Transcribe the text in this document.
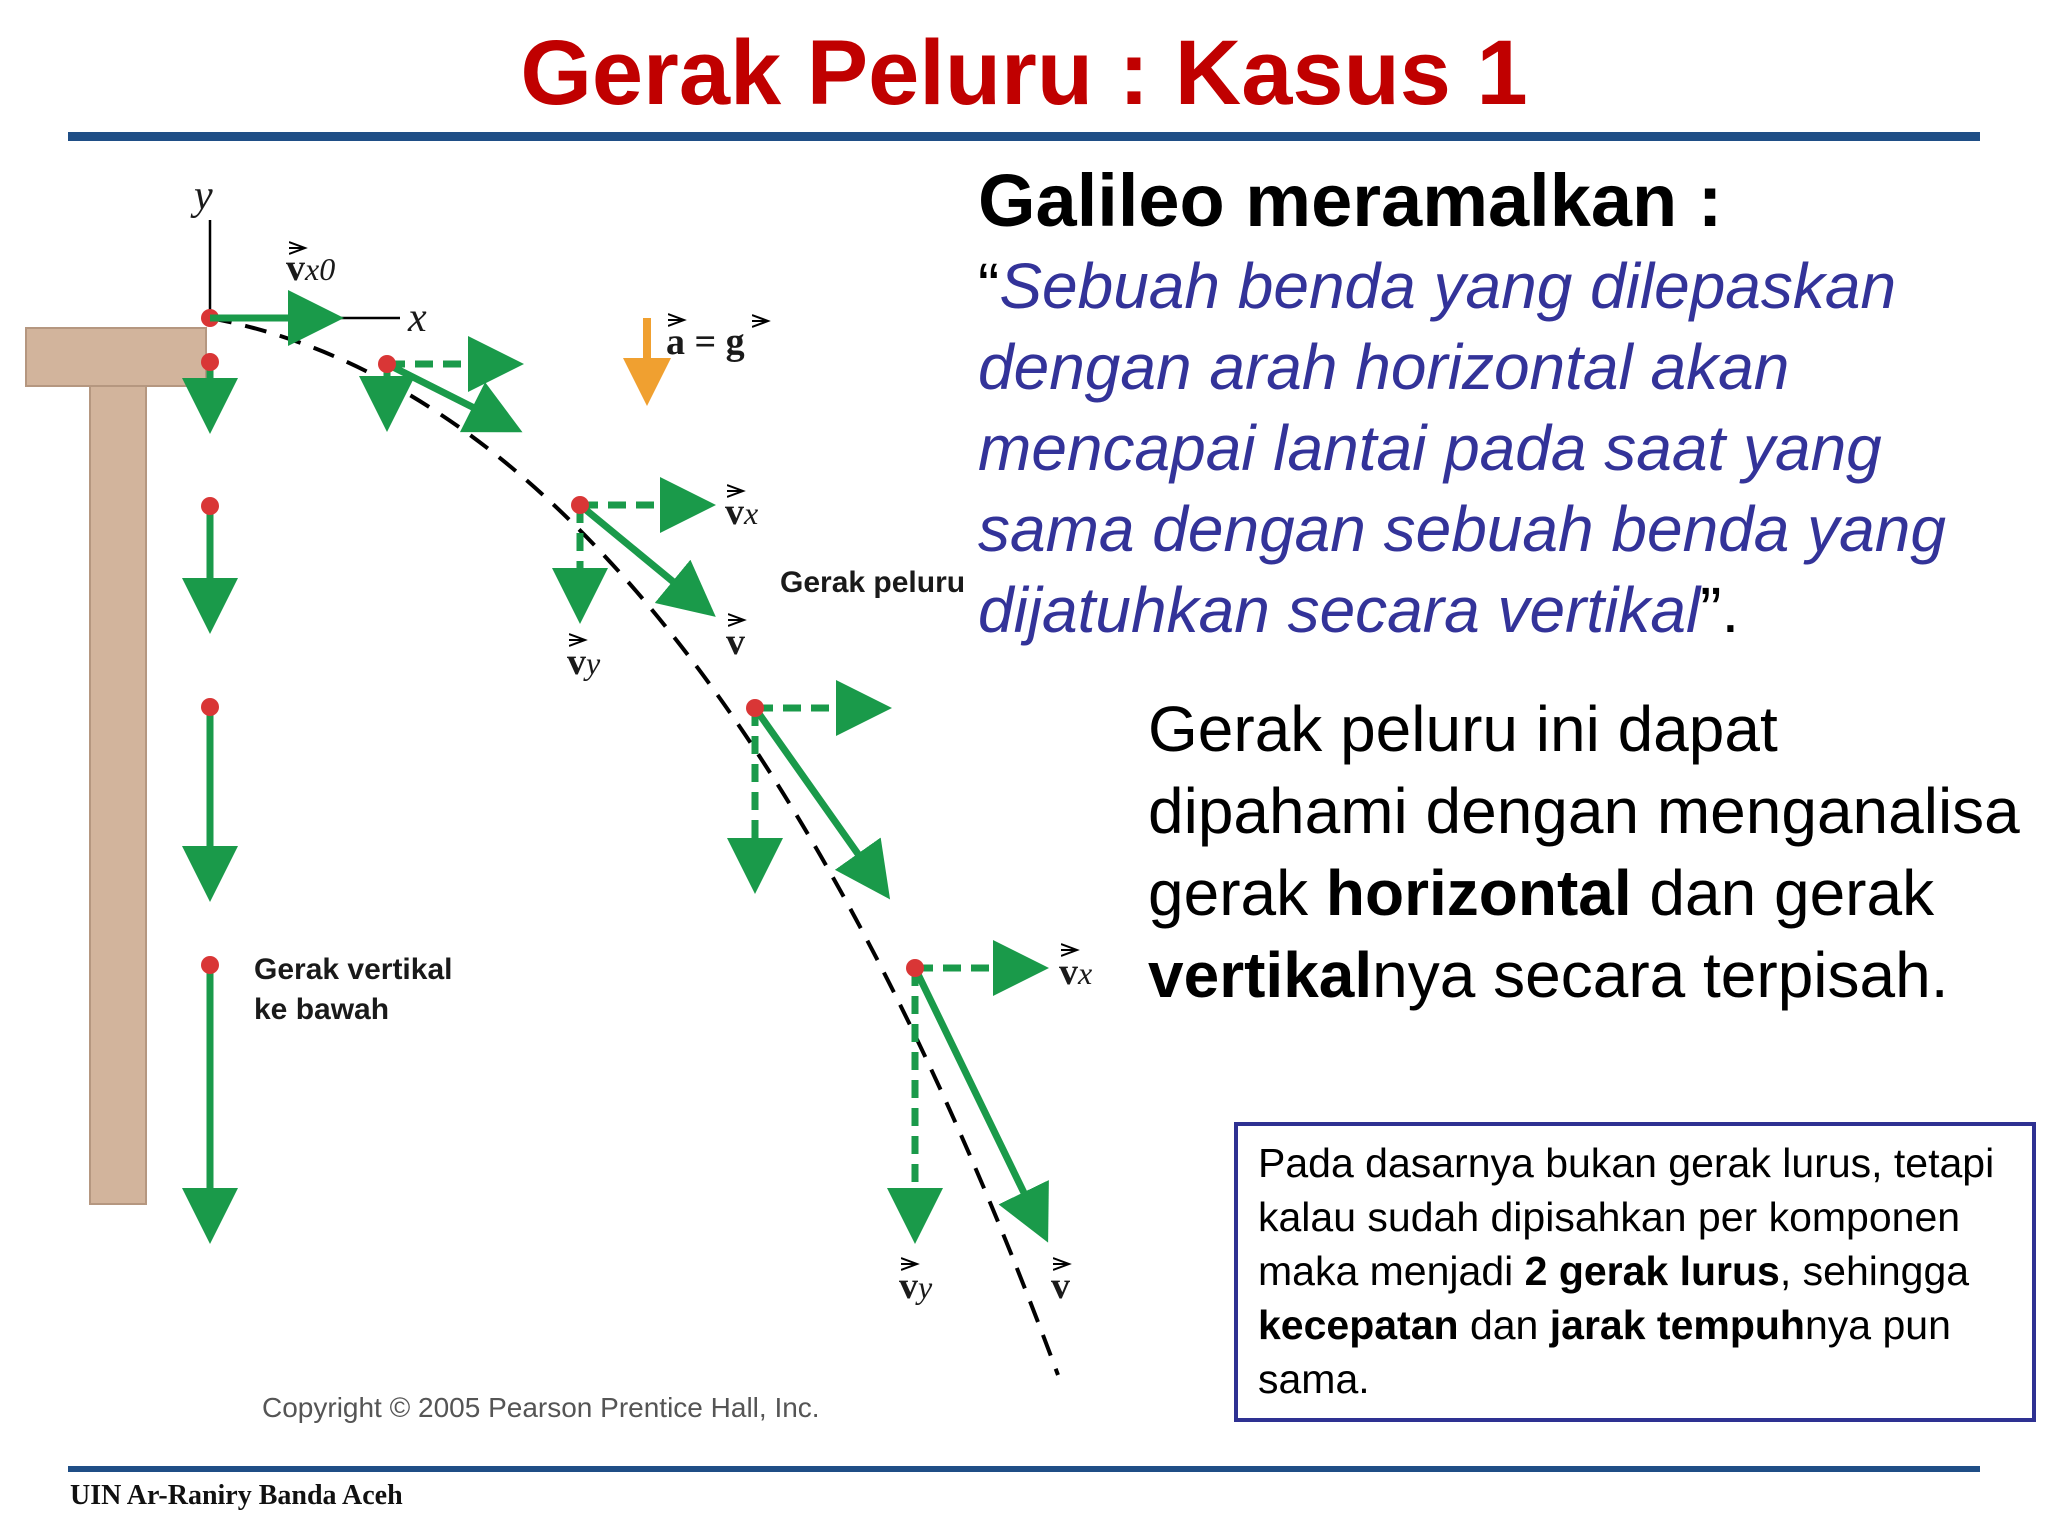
Gerak Peluru : Kasus 1
y
x
vx0
a = g
vx
vy	v
vx
vy	v
Gerak peluru
Gerak vertikal
ke bawah
Copyright © 2005 Pearson Prentice Hall, Inc.
Galileo meramalkan :
“Sebuah benda yang dilepaskan dengan arah horizontal akan mencapai lantai pada saat yang sama dengan sebuah benda yang dijatuhkan secara vertikal”.
Gerak peluru ini dapat dipahami dengan menganalisa gerak horizontal dan gerak vertikalnya secara terpisah.
Pada dasarnya bukan gerak lurus, tetapi kalau sudah dipisahkan per komponen maka menjadi 2 gerak lurus, sehingga kecepatan dan jarak tempuhnya pun sama.
UIN Ar-Raniry Banda Aceh
